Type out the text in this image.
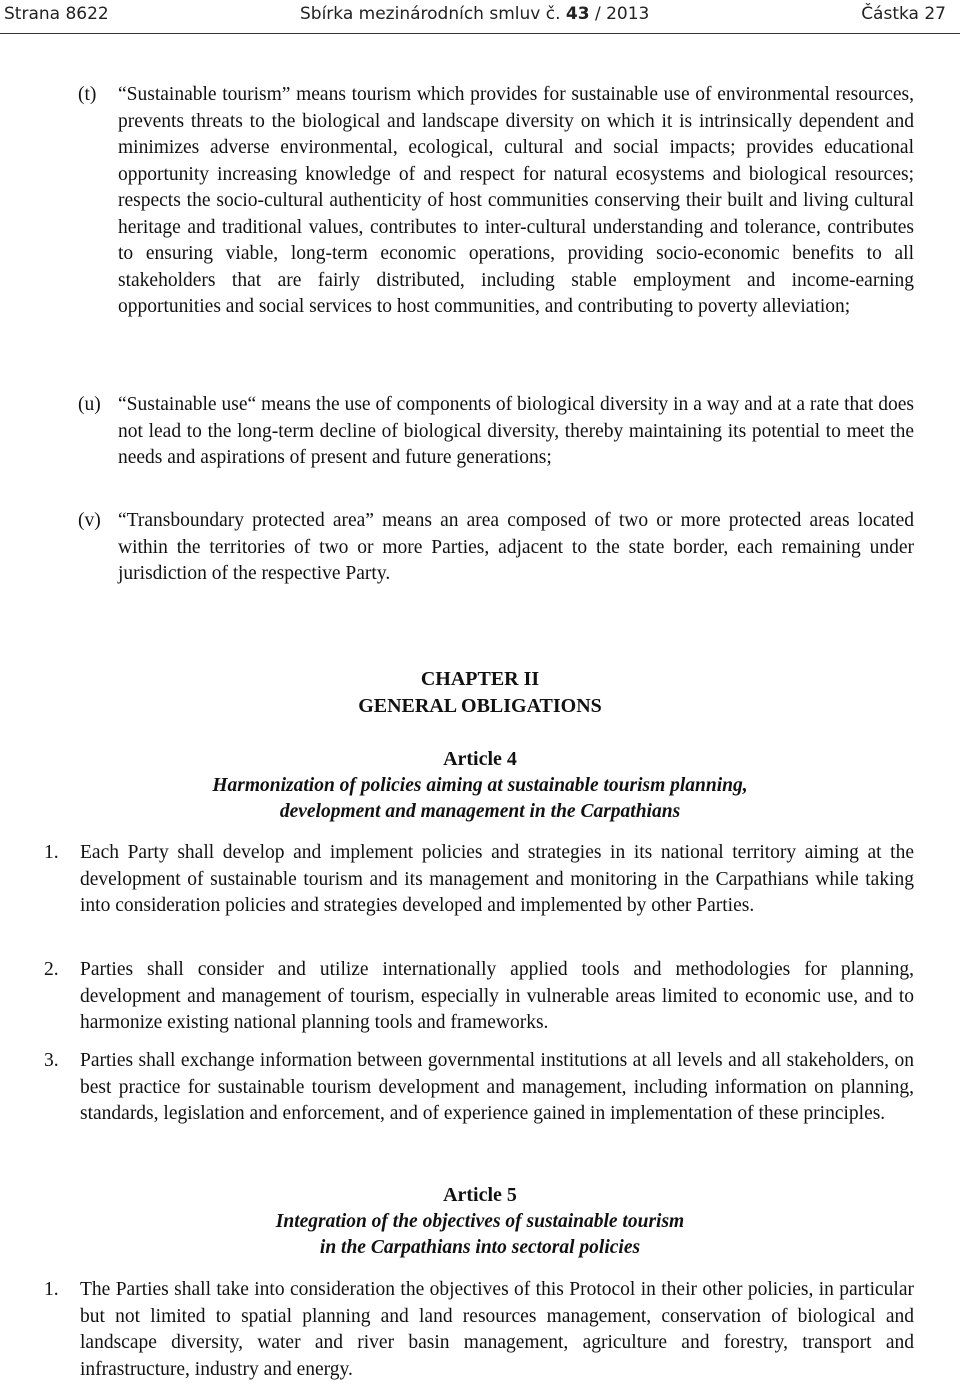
Strana 8622	Sbírka mezinárodních smluv č. 43 / 2013	Částka 27
(t) “Sustainable tourism” means tourism which provides for sustainable use of environmental resources, prevents threats to the biological and landscape diversity on which it is intrinsically dependent and minimizes adverse environmental, ecological, cultural and social impacts; provides educational opportunity increasing knowledge of and respect for natural ecosystems and biological resources; respects the socio-cultural authenticity of host communities conserving their built and living cultural heritage and traditional values, contributes to inter-cultural understanding and tolerance, contributes to ensuring viable, long-term economic operations, providing socio-economic benefits to all stakeholders that are fairly distributed, including stable employment and income-earning opportunities and social services to host communities, and contributing to poverty alleviation;
(u) “Sustainable use“ means the use of components of biological diversity in a way and at a rate that does not lead to the long-term decline of biological diversity, thereby maintaining its potential to meet the needs and aspirations of present and future generations;
(v) “Transboundary protected area” means an area composed of two or more protected areas located within the territories of two or more Parties, adjacent to the state border, each remaining under jurisdiction of the respective Party.
CHAPTER II
GENERAL OBLIGATIONS
Article 4
Harmonization of policies aiming at sustainable tourism planning,
development and management in the Carpathians
1. Each Party shall develop and implement policies and strategies in its national territory aiming at the development of sustainable tourism and its management and monitoring in the Carpathians while taking into consideration policies and strategies developed and implemented by other Parties.
2. Parties shall consider and utilize internationally applied tools and methodologies for planning, development and management of tourism, especially in vulnerable areas limited to economic use, and to harmonize existing national planning tools and frameworks.
3. Parties shall exchange information between governmental institutions at all levels and all stakeholders, on best practice for sustainable tourism development and management, including information on planning, standards, legislation and enforcement, and of experience gained in implementation of these principles.
Article 5
Integration of the objectives of sustainable tourism
in the Carpathians into sectoral policies
1. The Parties shall take into consideration the objectives of this Protocol in their other policies, in particular but not limited to spatial planning and land resources management, conservation of biological and landscape diversity, water and river basin management, agriculture and forestry, transport and infrastructure, industry and energy.
